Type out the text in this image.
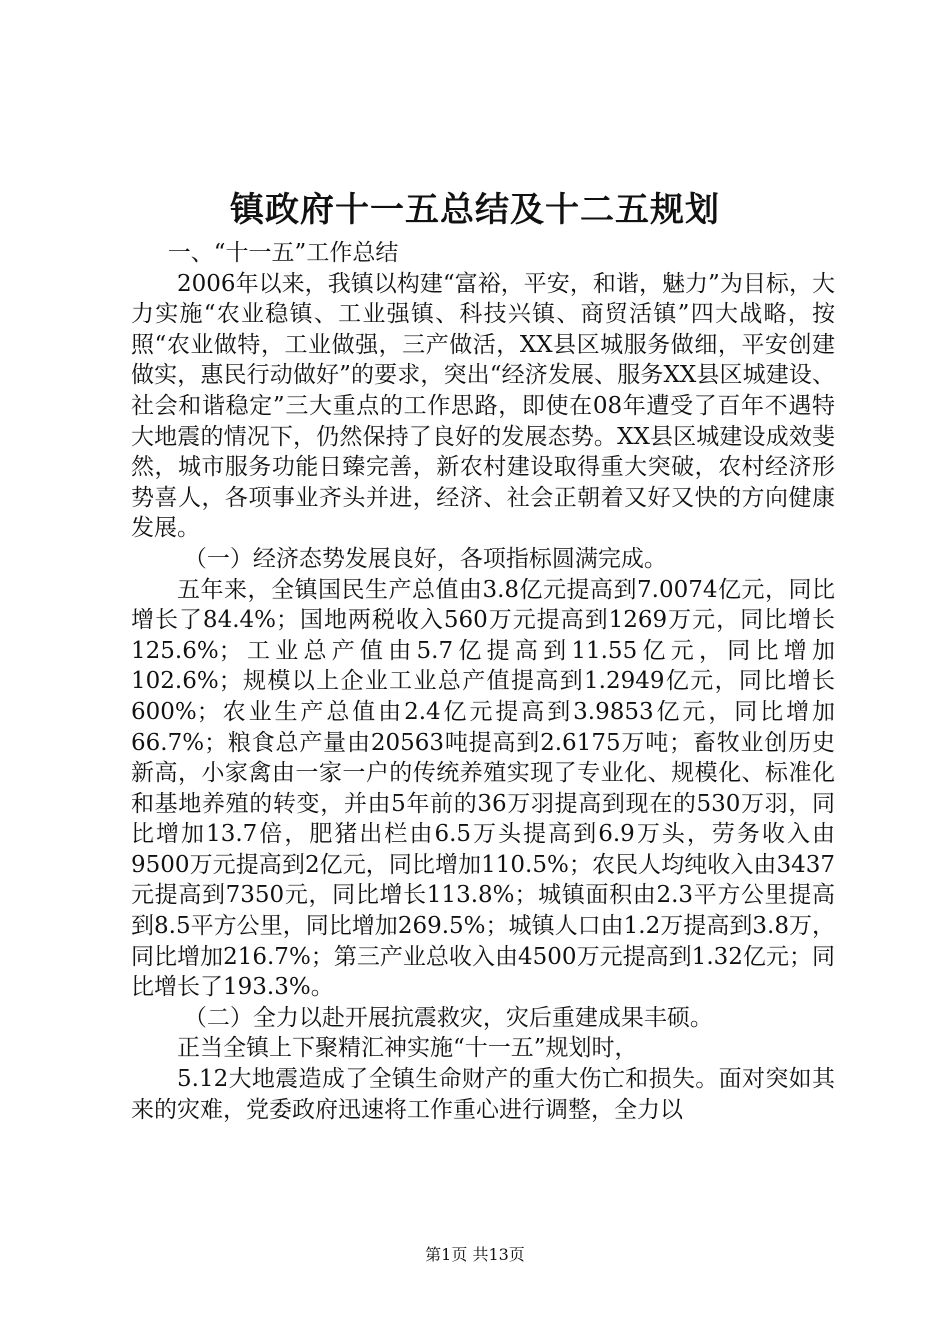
镇政府十一五总结及十二五规划

一、“十一五”工作总结

2006年以来，我镇以构建“富裕，平安，和谐，魅力”为目标，大力实施“农业稳镇、工业强镇、科技兴镇、商贸活镇”四大战略，按照“农业做特，工业做强，三产做活，XX县区城服务做细，平安创建做实，惠民行动做好”的要求，突出“经济发展、服务XX县区城建设、社会和谐稳定”三大重点的工作思路，即使在08年遭受了百年不遇特大地震的情况下，仍然保持了良好的发展态势。XX县区城建设成效斐然，城市服务功能日臻完善，新农村建设取得重大突破，农村经济形势喜人，各项事业齐头并进，经济、社会正朝着又好又快的方向健康发展。

（一）经济态势发展良好，各项指标圆满完成。

五年来，全镇国民生产总值由3.8亿元提高到7.0074亿元，同比增长了84.4%；国地两税收入560万元提高到1269万元，同比增长125.6%；工业总产值由5.7亿提高到11.55亿元，同比增加102.6%；规模以上企业工业总产值提高到1.2949亿元，同比增长600%；农业生产总值由2.4亿元提高到3.9853亿元，同比增加66.7%；粮食总产量由20563吨提高到2.6175万吨；畜牧业创历史新高，小家禽由一家一户的传统养殖实现了专业化、规模化、标准化和基地养殖的转变，并由5年前的36万羽提高到现在的530万羽，同比增加13.7倍，肥猪出栏由6.5万头提高到6.9万头，劳务收入由9500万元提高到2亿元，同比增加110.5%；农民人均纯收入由3437元提高到7350元，同比增长113.8%；城镇面积由2.3平方公里提高到8.5平方公里，同比增加269.5%；城镇人口由1.2万提高到3.8万，同比增加216.7%；第三产业总收入由4500万元提高到1.32亿元；同比增长了193.3%。

（二）全力以赴开展抗震救灾，灾后重建成果丰硕。

正当全镇上下聚精汇神实施“十一五”规划时，

5.12大地震造成了全镇生命财产的重大伤亡和损失。面对突如其来的灾难，党委政府迅速将工作重心进行调整，全力以

第1页 共13页
